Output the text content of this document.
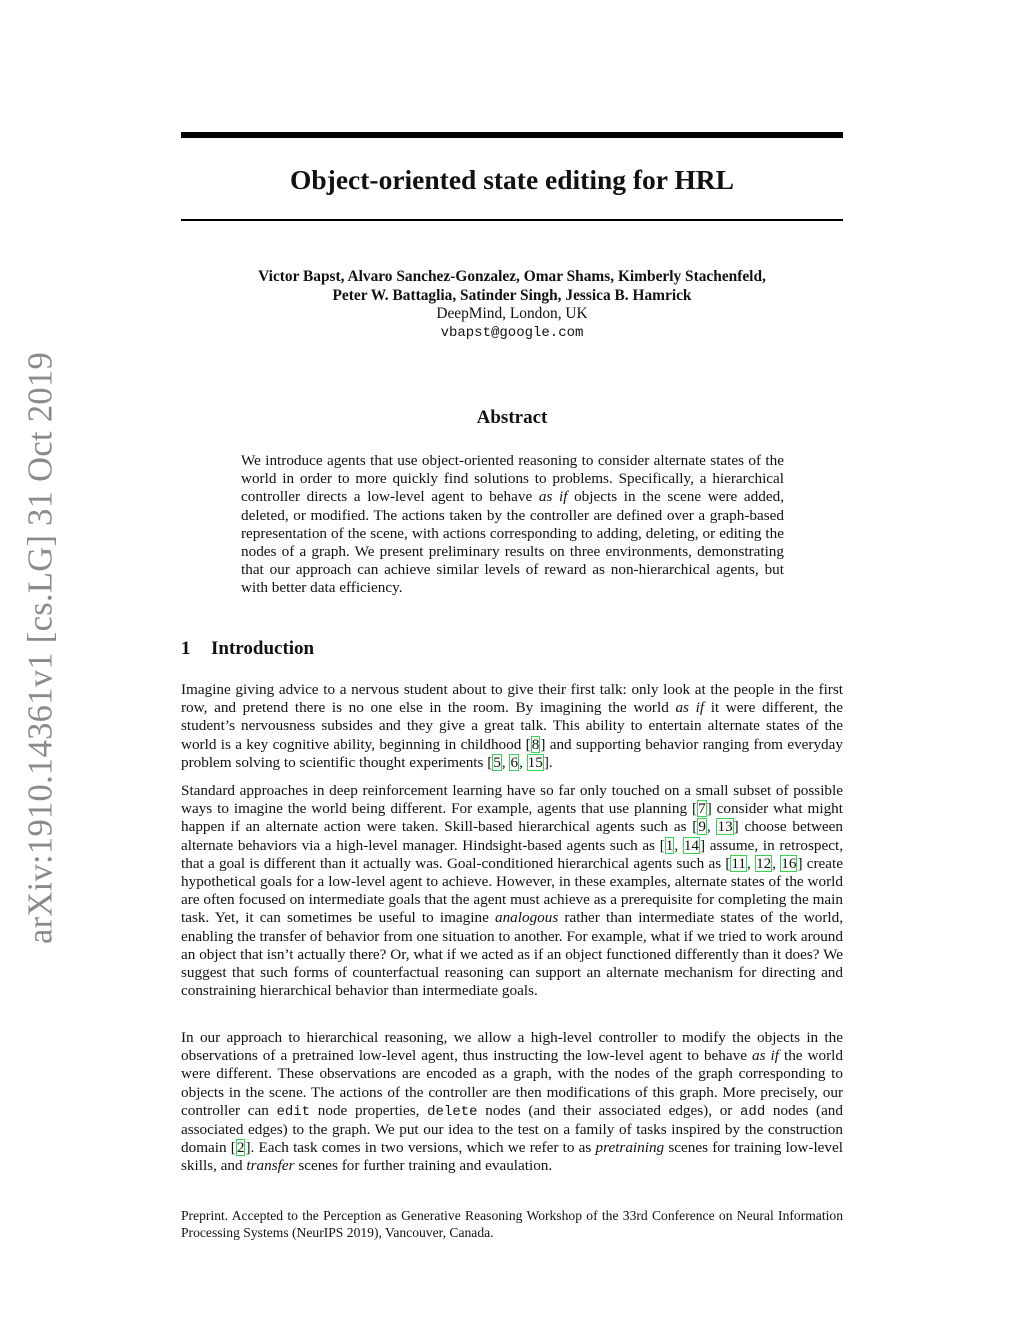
arXiv:1910.14361v1 [cs.LG] 31 Oct 2019
Object-oriented state editing for HRL
Victor Bapst, Alvaro Sanchez-Gonzalez, Omar Shams, Kimberly Stachenfeld,
Peter W. Battaglia, Satinder Singh, Jessica B. Hamrick
DeepMind, London, UK
vbapst@google.com
Abstract

We introduce agents that use object-oriented reasoning to consider alternate states of the world in order to more quickly find solutions to problems. Specifically, a hierarchical controller directs a low-level agent to behave as if objects in the scene were added, deleted, or modified. The actions taken by the controller are defined over a graph-based representation of the scene, with actions corresponding to adding, deleting, or editing the nodes of a graph. We present preliminary results on three environments, demonstrating that our approach can achieve similar levels of reward as non-hierarchical agents, but with better data efficiency.

1 Introduction

Imagine giving advice to a nervous student about to give their first talk: only look at the people in the first row, and pretend there is no one else in the room. By imagining the world as if it were different, the student’s nervousness subsides and they give a great talk. This ability to entertain alternate states of the world is a key cognitive ability, beginning in childhood [8] and supporting behavior ranging from everyday problem solving to scientific thought experiments [5, 6, 15].

Standard approaches in deep reinforcement learning have so far only touched on a small subset of possible ways to imagine the world being different. For example, agents that use planning [7] consider what might happen if an alternate action were taken. Skill-based hierarchical agents such as [9, 13] choose between alternate behaviors via a high-level manager. Hindsight-based agents such as [1, 14] assume, in retrospect, that a goal is different than it actually was. Goal-conditioned hierarchical agents such as [11, 12, 16] create hypothetical goals for a low-level agent to achieve. However, in these examples, alternate states of the world are often focused on intermediate goals that the agent must achieve as a prerequisite for completing the main task. Yet, it can sometimes be useful to imagine analogous rather than intermediate states of the world, enabling the transfer of behavior from one situation to another. For example, what if we tried to work around an object that isn’t actually there? Or, what if we acted as if an object functioned differently than it does? We suggest that such forms of counterfactual reasoning can support an alternate mechanism for directing and constraining hierarchical behavior than intermediate goals.

In our approach to hierarchical reasoning, we allow a high-level controller to modify the objects in the observations of a pretrained low-level agent, thus instructing the low-level agent to behave as if the world were different. These observations are encoded as a graph, with the nodes of the graph corresponding to objects in the scene. The actions of the controller are then modifications of this graph. More precisely, our controller can edit node properties, delete nodes (and their associated edges), or add nodes (and associated edges) to the graph. We put our idea to the test on a family of tasks inspired by the construction domain [2]. Each task comes in two versions, which we refer to as pretraining scenes for training low-level skills, and transfer scenes for further training and evaulation.

Preprint. Accepted to the Perception as Generative Reasoning Workshop of the 33rd Conference on Neural Information Processing Systems (NeurIPS 2019), Vancouver, Canada.
